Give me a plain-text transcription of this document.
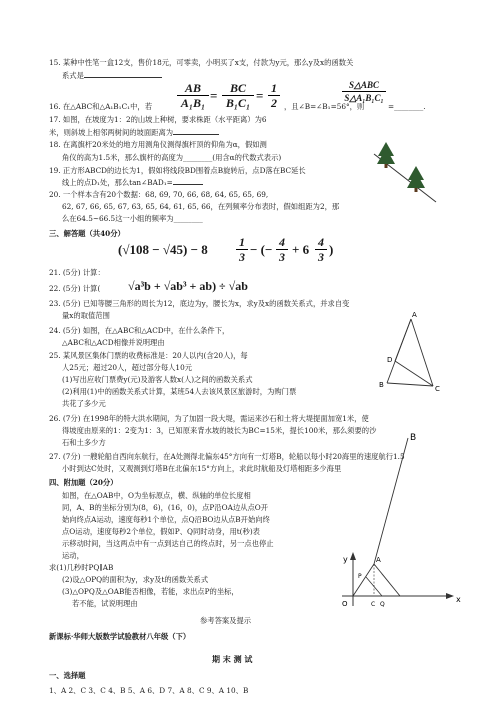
15. 某种中性笔一盒12支，售价18元，可零卖，小明买了x支，付款为y元，那么y及x的函数关
系式是
16. 在△ABC和△A₁B₁C₁中，若
AB
A₁B₁ =	BC
B₁C₁ = 1
2 ，且∠B=∠B₁=56°，则
S△ABC
S△A₁B₁C₁
=________.
17. 如图，在坡度为1：2的山坡上种树，要求株距（水平距离）为6
米，则斜坡上相邻两树间的坡面距离为
18. 在离旗杆20米处的地方用测角仪测得旗杆顶的仰角为α，假如测
角仪的高为1.5米，那么旗杆的高度为________(用含α的代数式表示)
19. 正方形ABCD的边长为1，假如将线段BD围着点B旋转后，点D落在BC延长
线上的点D₁处，那么tan∠BAD₁=
20. 一个样本含有20个数据：68, 69, 70, 66, 68, 64, 65, 65, 69,
62, 67, 66, 65, 67, 63, 65, 64, 61, 65, 66，在列频率分布表时，假如组距为2，那
么在64.5~66.5这一小组的频率为________
三、解答题（共40分）
(√108 − √45) − 8	1
3 − (− 4
3 + 6 4
3 )
21. (5分) 计算：
22. (5分) 计算( √a³b + √ab³ + ab) ÷ √ab
23. (5分) 已知等腰三角形的周长为12，底边为y，腰长为x，求y及x的函数关系式，并求自变
量x的取值范围
24. (5分) 如图，在△ABC和△ACD中，在什么条件下，
△ABC和△ACD相像并说明理由
A
D
B	C
25. 某风景区集体门票的收费标准是：20人以内(含20人)，每
人25元；超过20人，超过部分每人10元
(1)写出应收门票费y(元)及游客人数x(人)之间的函数关系式
(2)利用(1)中的函数关系式计算，某班54人去该风景区旅游时，为购门票
共花了多少元
26. (7分) 在1998年的特大洪水期间，为了加固一段大堤，需运来沙石和土将大堤提面加宽1米，使
得坡度由原来的1：2变为1：3，已知原来背水坡的坡长为BC=15米，提长100米，那么须要的沙
石和土多少方
27. (7分) 一艘轮船自西向东航行，在A处测得北偏东45°方向有一灯塔B，轮船以每小时20海里的速度航行1.5
小时到达C处时，又观测到灯塔B在北偏东15°方向上，求此时航船及灯塔相距多少海里
四、附加题（20分）
如图，在△OAB中，O为坐标原点，横、纵轴的单位长度相
同，A、B的坐标分别为(8，6)，(16，0)，点P沿OA边从点O开
始向终点A运动，速度每秒1个单位，点Q沿BO边从点B开始向终
点O运动，速度每秒2个单位，假如P、Q同时动身，用t(秒)表
示移动时间，当这两点中有一点到达自己的终点时，另一点也停止
运动，
求(1)几秒时PQ∥AB
(2)设△OPQ的面积为y，求y及t的函数关系式
(3)△OPQ及△OAB能否相像，若能，求出点P的坐标，
若不能，试说明理由
y
x
O
A
B
P
C Q
参考答案及提示
新课标·华师大版数学试验教材八年级（下）
期 末 测 试
一、选择题
1、A 2、C 3、C 4、B 5、A 6、D 7、A 8、C 9、A 10、B
